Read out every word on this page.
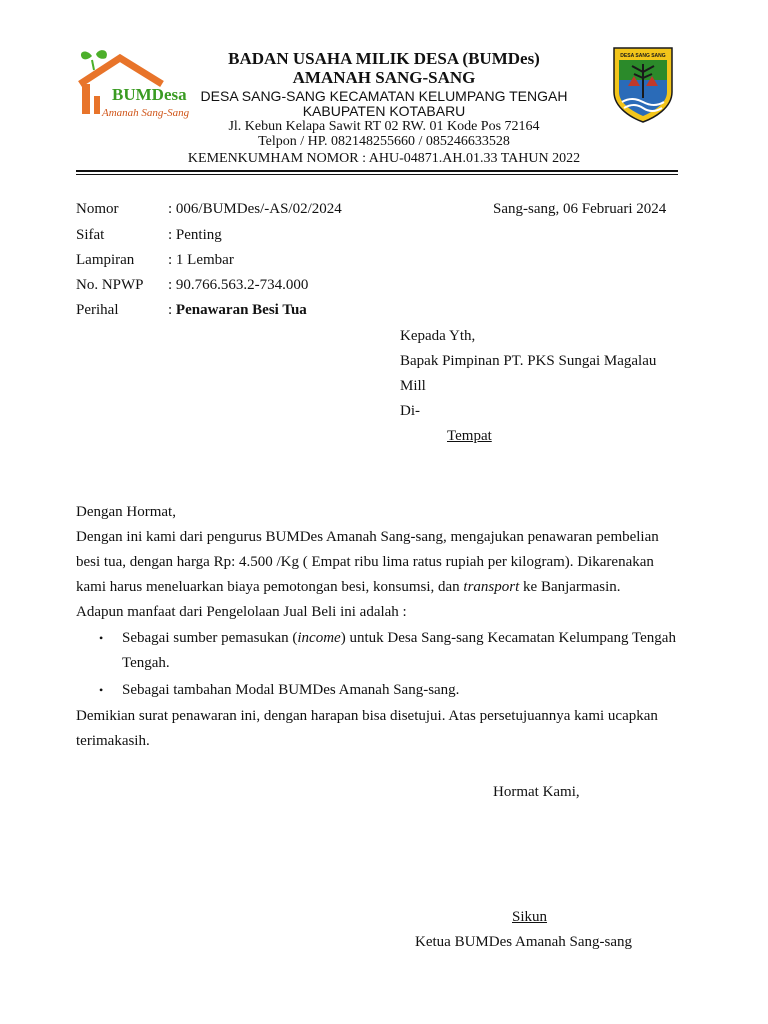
BUMDesa
Amanah Sang-Sang
DESA SANG SANG
BADAN USAHA MILIK DESA (BUMDes)
AMANAH SANG-SANG
DESA SANG-SANG KECAMATAN KELUMPANG TENGAH
KABUPATEN KOTABARU
Jl. Kebun Kelapa Sawit RT 02 RW. 01 Kode Pos 72164
Telpon / HP. 082148255660 / 085246633528
KEMENKUMHAM NOMOR : AHU-04871.AH.01.33 TAHUN 2022
Nomor	: 006/BUMDes/-AS/02/2024	Sang-sang, 06 Februari 2024
Sifat	: Penting
Lampiran : 1 Lembar
No. NPWP : 90.766.563.2-734.000
Perihal	: Penawaran Besi Tua
Kepada Yth,
Bapak Pimpinan PT. PKS Sungai Magalau
Mill
Di-
Tempat
Dengan Hormat,
Dengan ini kami dari pengurus BUMDes Amanah Sang-sang, mengajukan penawaran pembelian
besi tua, dengan harga Rp: 4.500 /Kg ( Empat ribu lima ratus rupiah per kilogram). Dikarenakan
kami harus meneluarkan biaya pemotongan besi, konsumsi, dan transport ke Banjarmasin.
Adapun manfaat dari Pengelolaan Jual Beli ini adalah :
• Sebagai sumber pemasukan (income) untuk Desa Sang-sang Kecamatan Kelumpang Tengah
Tengah.
• Sebagai tambahan Modal BUMDes Amanah Sang-sang.
Demikian surat penawaran ini, dengan harapan bisa disetujui. Atas persetujuannya kami ucapkan
terimakasih.
Hormat Kami,
Sikun
Ketua BUMDes Amanah Sang-sang
